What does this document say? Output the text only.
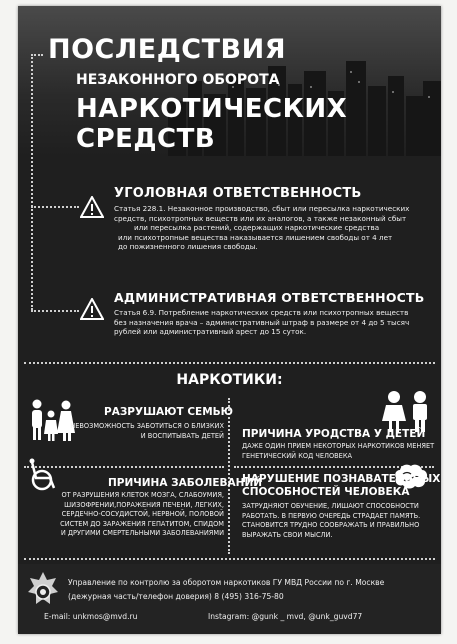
ПОСЛЕДСТВИЯ
НЕЗАКОННОГО ОБОРОТА
НАРКОТИЧЕСКИХ СРЕДСТВ
УГОЛОВНАЯ ОТВЕТСТВЕННОСТЬ
Статья 228.1. Незаконное производство, сбыт или пересылка наркотических
средств, психотропных веществ или их аналогов, а также незаконный сбыт
или пересылка растений, содержащих наркотические средства
или психотропные вещества наказывается лишением свободы от 4 лет
до пожизненного лишения свободы.
АДМИНИСТРАТИВНАЯ ОТВЕТСТВЕННОСТЬ
Статья 6.9. Потребление наркотических средств или психотропных веществ
без назначения врача – административный штраф в размере от 4 до 5 тысяч
рублей или административный арест до 15 суток.
НАРКОТИКИ:
РАЗРУШАЮТ СЕМЬЮ
НЕВОЗМОЖНОСТЬ ЗАБОТИТЬСЯ О БЛИЗКИХ
И ВОСПИТЫВАТЬ ДЕТЕЙ ПРИЧИНА УРОДСТВА У ДЕТЕЙ
ДАЖЕ ОДИН ПРИЕМ НЕКОТОРЫХ НАРКОТИКОВ МЕНЯЕТ
ГЕНЕТИЧЕСКИЙ КОД ЧЕЛОВЕКА
ПРИЧИНА ЗАБОЛЕВАНИЙ
ОТ РАЗРУШЕНИЯ КЛЕТОК МОЗГА, СЛАБОУМИЯ,
ШИЗОФРЕНИИ,ПОРАЖЕНИЯ ПЕЧЕНИ, ЛЕГКИХ,
СЕРДЕЧНО-СОСУДИСТОЙ, НЕРВНОЙ, ПОЛОВОЙ
СИСТЕМ ДО ЗАРАЖЕНИЯ ГЕПАТИТОМ, СПИДОМ
И ДРУГИМИ СМЕРТЕЛЬНЫМИ ЗАБОЛЕВАНИЯМИ
НАРУШЕНИЕ ПОЗНАВАТЕЛЬНЫХ
СПОСОБНОСТЕЙ ЧЕЛОВЕКА
ЗАТРУДНЯЮТ ОБУЧЕНИЕ, ЛИШАЮТ СПОСОБНОСТИ
РАБОТАТЬ. В ПЕРВУЮ ОЧЕРЕДЬ СТРАДАЕТ ПАМЯТЬ.
СТАНОВИТСЯ ТРУДНО СООБРАЖАТЬ И ПРАВИЛЬНО
ВЫРАЖАТЬ СВОИ МЫСЛИ.
Управление по контролю за оборотом наркотиков ГУ МВД России по г. Москве
(дежурная часть/телефон доверия) 8 (495) 316-75-80
E-mail: unkmos@mvd.ru	Instagram: @gunk _ mvd, @unk_guvd77
